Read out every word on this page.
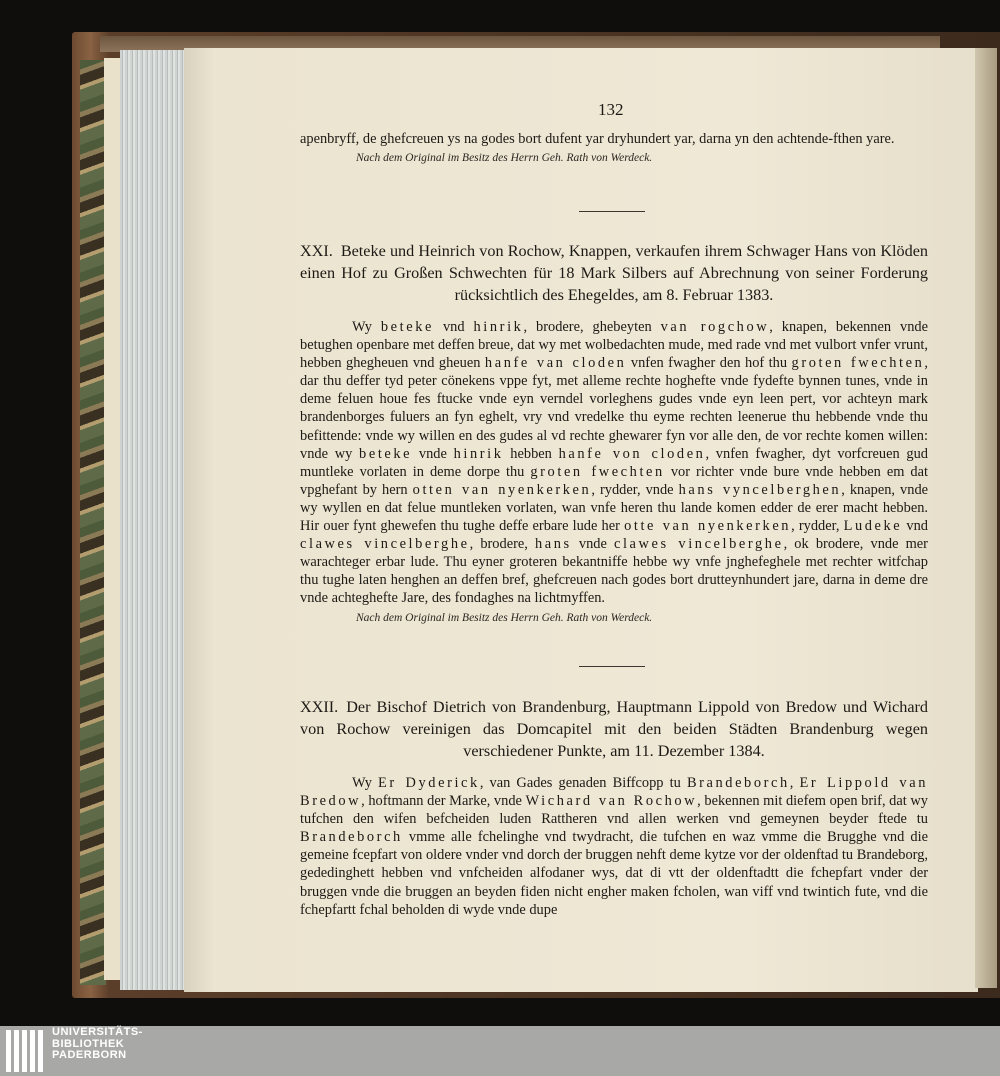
132

apenbryff, de ghefcreuen ys na godes bort dufent yar dryhundert yar, darna yn den achtende-fthen yare.

Nach dem Original im Besitz des Herrn Geh. Rath von Werdeck.

XXI. Beteke und Heinrich von Rochow, Knappen, verkaufen ihrem Schwager Hans von Klöden
einen Hof zu Großen Schwechten für 18 Mark Silbers auf Abrechnung von seiner Forderung
rücksichtlich des Ehegeldes, am 8. Februar 1383.

Wy beteke vnd hinrik, brodere, ghebeyten van rogchow, knapen, bekennen vnde betughen openbare met deffen breue, dat wy met wolbedachten mude, med rade vnd met vulbort vnfer vrunt, hebben ghegheuen vnd gheuen hanfe van cloden vnfen fwagher den hof thu groten fwechten, dar thu deffer tyd peter cönekens vppe fyt, met alleme rechte hoghefte vnde fydefte bynnen tunes, vnde in deme feluen houe fes ftucke vnde eyn verndel vorleghens gudes vnde eyn leen pert, vor achteyn mark brandenborges fuluers an fyn eghelt, vry vnd vredelke thu eyme rechten leenerue thu hebbende vnde thu befittende: vnde wy willen en des gudes al vd rechte ghewarer fyn vor alle den, de vor rechte komen willen: vnde wy beteke vnde hinrik hebben hanfe von cloden, vnfen fwagher, dyt vorfcreuen gud muntleke vorlaten in deme dorpe thu groten fwechten vor richter vnde bure vnde hebben em dat vpghefant by hern otten van nyenkerken, rydder, vnde hans vyncelberghen, knapen, vnde wy wyllen en dat felue muntleken vorlaten, wan vnfe heren thu lande komen edder de erer macht hebben. Hir ouer fynt ghewefen thu tughe deffe erbare lude her otte van nyenkerken, rydder, Ludeke vnd clawes vincelberghe, brodere, hans vnde clawes vincelberghe, ok brodere, vnde mer warachteger erbar lude. Thu eyner groteren bekantniffe hebbe wy vnfe jnghefeghele met rechter witfchap thu tughe laten henghen an deffen bref, ghefcreuen nach godes bort drutteynhundert jare, darna in deme dre vnde achteghefte Jare, des fondaghes na lichtmyffen.

Nach dem Original im Besitz des Herrn Geh. Rath von Werdeck.

XXII. Der Bischof Dietrich von Brandenburg, Hauptmann Lippold von Bredow und Wichard
von Rochow vereinigen das Domcapitel mit den beiden Städten Brandenburg wegen
verschiedener Punkte, am 11. Dezember 1384.

Wy Er Dyderick, van Gades genaden Biffcopp tu Brandeborch, Er Lippold van Bredow, hoftmann der Marke, vnde Wichard van Rochow, bekennen mit diefem open brif, dat wy tufchen den wifen befcheiden luden Rattheren vnd allen werken vnd gemeynen beyder ftede tu Brandeborch vmme alle fchelinghe vnd twydracht, die tufchen en waz vmme die Brugghe vnd die gemeine fcepfart von oldere vnder vnd dorch der bruggen nehft deme kytze vor der oldenftad tu Brandeborg, gededinghett hebben vnd vnfcheiden alfodaner wys, dat di vtt der oldenftadtt die fchepfart vnder der bruggen vnde die bruggen an beyden fiden nicht engher maken fcholen, wan viff vnd twintich fute, vnd die fchepfartt fchal beholden di wyde vnde dupe

UNIVERSITÄTS-
BIBLIOTHEK
PADERBORN
